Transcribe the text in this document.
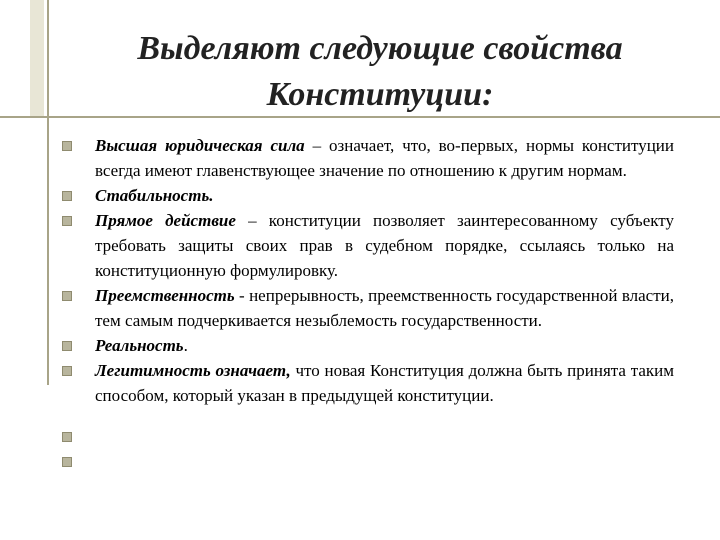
Выделяют следующие свойства
Конституции:
Высшая юридическая сила – означает, что, во-первых, нормы конституции всегда имеют главенствующее значение по отношению к другим нормам.
Стабильность.
Прямое действие – конституции позволяет заинтересованному субъекту требовать защиты своих прав в судебном порядке, ссылаясь только на конституционную формулировку.
Преемственность - непрерывность, преемственность государственной власти, тем самым подчеркивается незыблемость государственности.
Реальность.
Легитимность означает, что новая Конституция должна быть принята таким способом, который указан в предыдущей конституции.
